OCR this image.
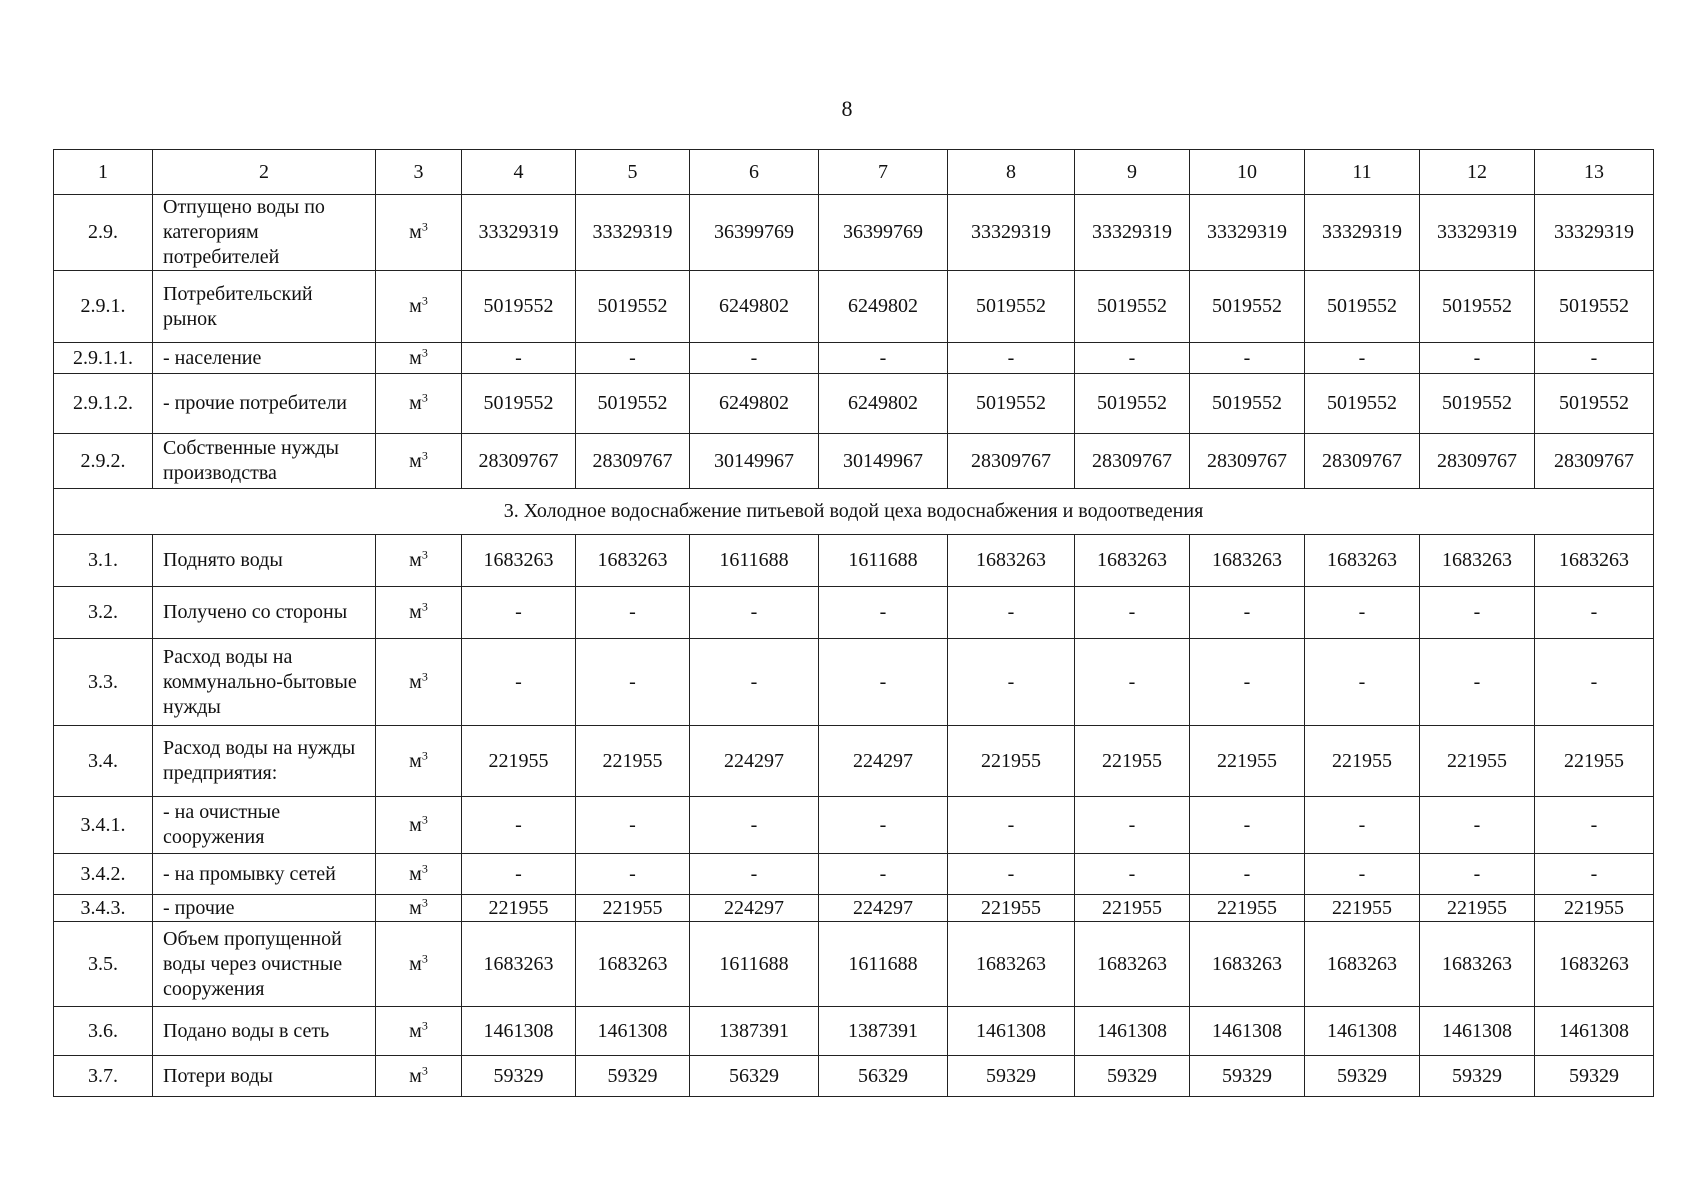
8
1	2	3	4	5	6	7	8	9	10	11	12	13
2.9.	Отпущено воды по категориям потребителей	$м^3$	33329319	33329319	36399769	36399769	33329319	33329319	33329319	33329319	33329319	33329319
2.9.1.	Потребительский рынок	$м^3$	5019552	5019552	6249802	6249802	5019552	5019552	5019552	5019552	5019552	5019552
2.9.1.1.	- население	$м^3$	-	-	-	-	-	-	-	-	-	-
2.9.1.2.	- прочие потребители	$м^3$	5019552	5019552	6249802	6249802	5019552	5019552	5019552	5019552	5019552	5019552
2.9.2.	Собственные нужды производства	$м^3$	28309767	28309767	30149967	30149967	28309767	28309767	28309767	28309767	28309767	28309767
3. Холодное водоснабжение питьевой водой цеха водоснабжения и водоотведения												
3.1.	Поднято воды	$м^3$	1683263	1683263	1611688	1611688	1683263	1683263	1683263	1683263	1683263	1683263
3.2.	Получено со стороны	$м^3$	-	-	-	-	-	-	-	-	-	-
3.3.	Расход воды на коммунально-бытовые нужды	$м^3$	-	-	-	-	-	-	-	-	-	-
3.4.	Расход воды на нужды предприятия:	$м^3$	221955	221955	224297	224297	221955	221955	221955	221955	221955	221955
3.4.1.	- на очистные сооружения	$м^3$	-	-	-	-	-	-	-	-	-	-
3.4.2.	- на промывку сетей	$м^3$	-	-	-	-	-	-	-	-	-	-
3.4.3.	- прочие	$м^3$	221955	221955	224297	224297	221955	221955	221955	221955	221955	221955
3.5.	Объем пропущенной воды через очистные сооружения	$м^3$	1683263	1683263	1611688	1611688	1683263	1683263	1683263	1683263	1683263	1683263
3.6.	Подано воды в сеть	$м^3$	1461308	1461308	1387391	1387391	1461308	1461308	1461308	1461308	1461308	1461308
3.7.	Потери воды	$м^3$	59329	59329	56329	56329	59329	59329	59329	59329	59329	59329
